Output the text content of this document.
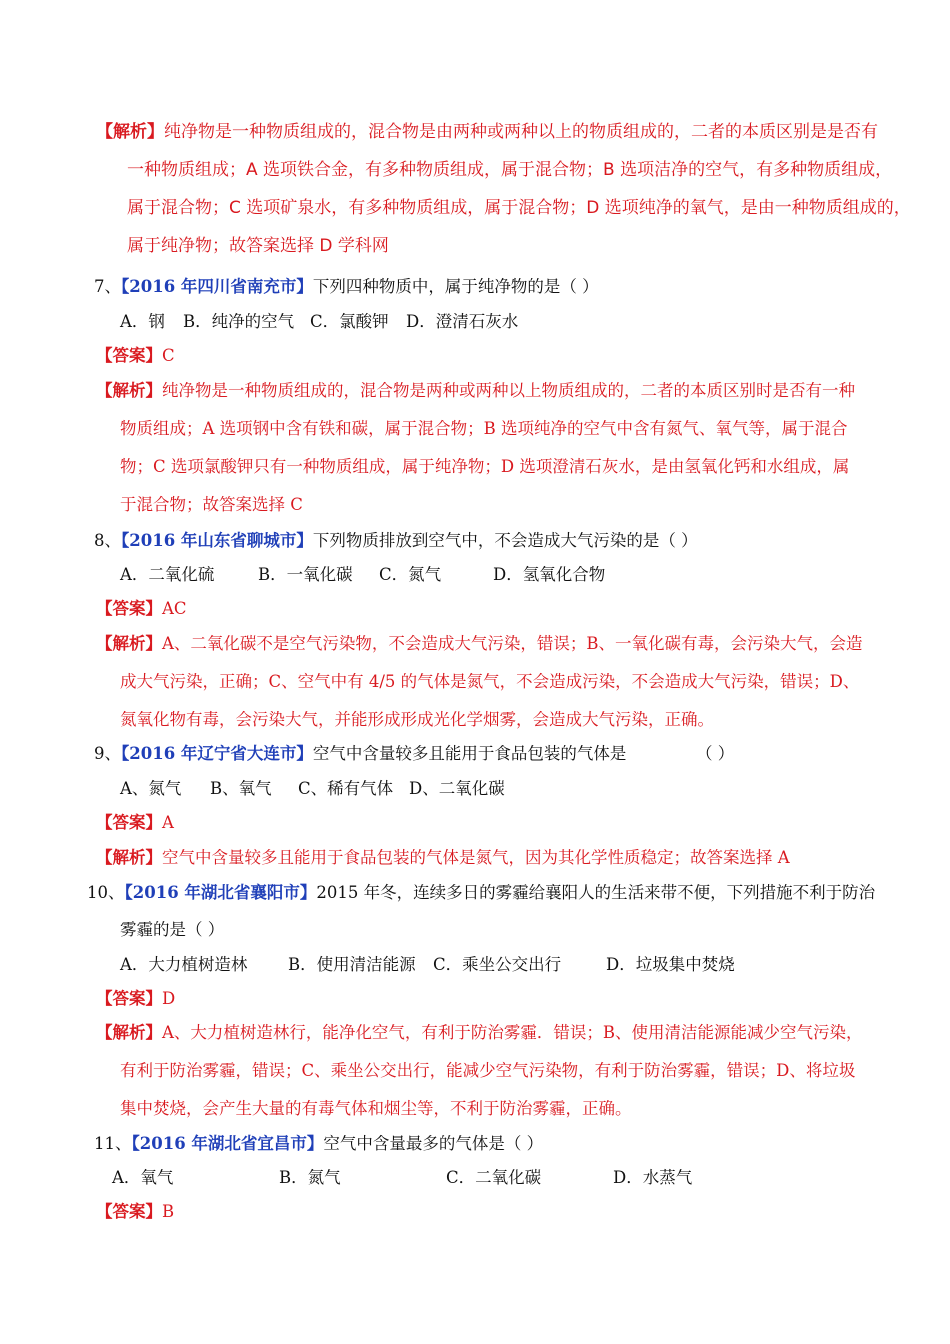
【解析】纯净物是一种物质组成的，混合物是由两种或两种以上的物质组成的，二者的本质区别是是否有
一种物质组成；A 选项铁合金，有多种物质组成，属于混合物；B 选项洁净的空气，有多种物质组成，
属于混合物；C 选项矿泉水，有多种物质组成，属于混合物；D 选项纯净的氧气，是由一种物质组成的，
属于纯净物；故答案选择 D 学科网
7、【2016 年四川省南充市】下列四种物质中，属于纯净物的是（ ）
A．钢 B．纯净的空气 C．氯酸钾 D．澄清石灰水
【答案】C
【解析】纯净物是一种物质组成的，混合物是两种或两种以上物质组成的，二者的本质区别时是否有一种
物质组成；A 选项钢中含有铁和碳，属于混合物；B 选项纯净的空气中含有氮气、氧气等，属于混合
物；C 选项氯酸钾只有一种物质组成，属于纯净物；D 选项澄清石灰水，是由氢氧化钙和水组成，属
于混合物；故答案选择 C
8、【2016 年山东省聊城市】下列物质排放到空气中，不会造成大气污染的是（ ）
A．二氧化硫	B．一氧化碳 C．氮气	D．氢氧化合物
【答案】AC
【解析】A、二氧化碳不是空气污染物，不会造成大气污染，错误；B、一氧化碳有毒，会污染大气，会造
成大气污染，正确；C、空气中有 4/5 的气体是氮气，不会造成污染，不会造成大气污染，错误；D、
氮氧化物有毒，会污染大气，并能形成形成光化学烟雾，会造成大气污染，正确。
9、【2016 年辽宁省大连市】空气中含量较多且能用于食品包装的气体是	（ ）
A、氮气 B、氧气 C、稀有气体 D、二氧化碳
【答案】A
【解析】空气中含量较多且能用于食品包装的气体是氮气，因为其化学性质稳定；故答案选择 A
10、【2016 年湖北省襄阳市】2015 年冬，连续多日的雾霾给襄阳人的生活来带不便，下列措施不利于防治
雾霾的是（ ）
A．大力植树造林 B．使用清洁能源 C．乘坐公交出行	D．垃圾集中焚烧
【答案】D
【解析】A、大力植树造林行，能净化空气，有利于防治雾霾．错误；B、使用清洁能源能减少空气污染，
有利于防治雾霾，错误；C、乘坐公交出行，能减少空气污染物，有利于防治雾霾，错误；D、将垃圾
集中焚烧，会产生大量的有毒气体和烟尘等，不利于防治雾霾，正确。
11、【2016 年湖北省宜昌市】空气中含量最多的气体是（ ）
A．氧气	B．氮气	C．二氧化碳	D．水蒸气
【答案】B
